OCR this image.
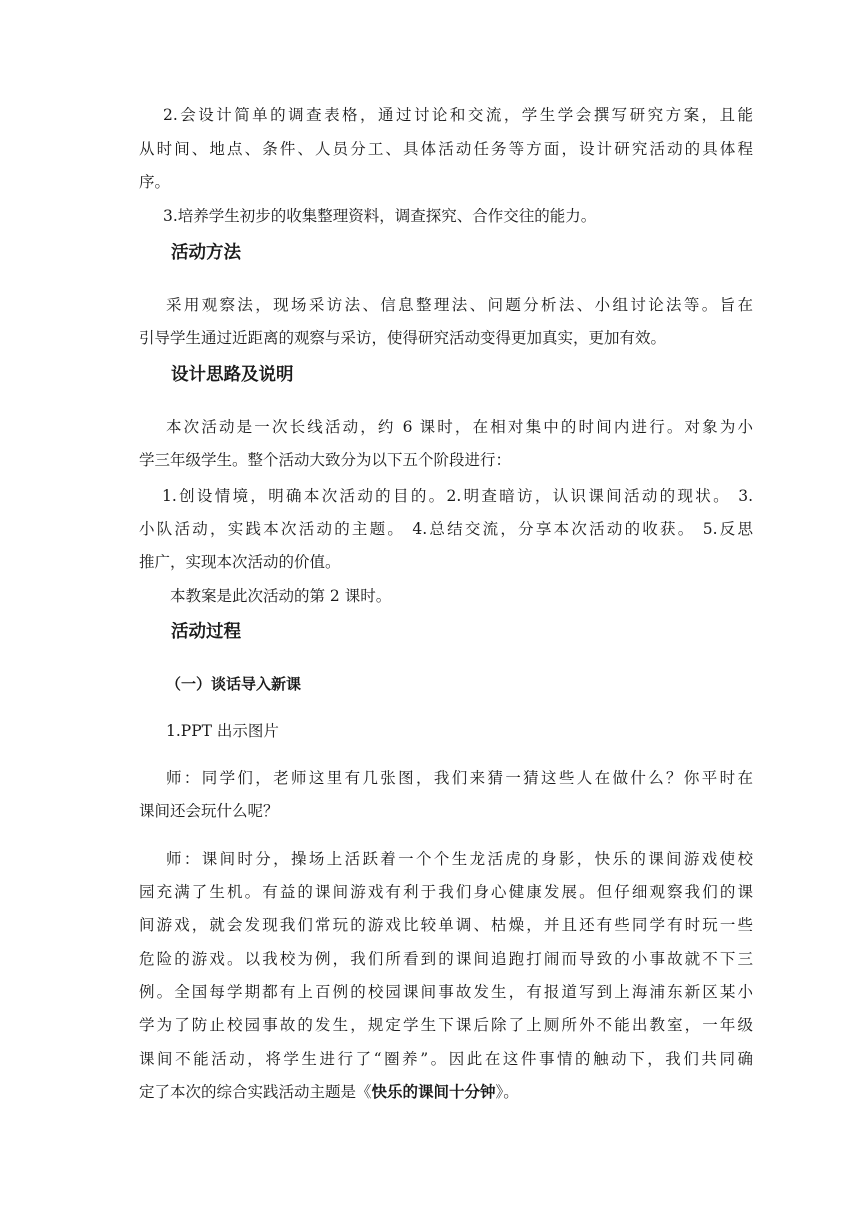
2.会设计简单的调查表格，通过讨论和交流，学生学会撰写研究方案，且能

从时间、地点、条件、人员分工、具体活动任务等方面，设计研究活动的具体程

序。

3.培养学生初步的收集整理资料，调查探究、合作交往的能力。

活动方法

采用观察法，现场采访法、信息整理法、问题分析法、小组讨论法等。旨在

引导学生通过近距离的观察与采访，使得研究活动变得更加真实，更加有效。

设计思路及说明

本次活动是一次长线活动，约 6 课时，在相对集中的时间内进行。对象为小

学三年级学生。整个活动大致分为以下五个阶段进行：

1.创设情境，明确本次活动的目的。2.明查暗访，认识课间活动的现状。 3.

小队活动，实践本次活动的主题。 4.总结交流，分享本次活动的收获。 5.反思

推广，实现本次活动的价值。

本教案是此次活动的第 2 课时。

活动过程
（一）谈话导入新课

1.PPT 出示图片

师：同学们，老师这里有几张图，我们来猜一猜这些人在做什么？你平时在

课间还会玩什么呢？

师：课间时分，操场上活跃着一个个生龙活虎的身影，快乐的课间游戏使校

园充满了生机。有益的课间游戏有利于我们身心健康发展。但仔细观察我们的课

间游戏，就会发现我们常玩的游戏比较单调、枯燥，并且还有些同学有时玩一些

危险的游戏。以我校为例，我们所看到的课间追跑打闹而导致的小事故就不下三

例。全国每学期都有上百例的校园课间事故发生，有报道写到上海浦东新区某小

学为了防止校园事故的发生，规定学生下课后除了上厕所外不能出教室，一年级

课间不能活动，将学生进行了“圈养”。因此在这件事情的触动下，我们共同确

定了本次的综合实践活动主题是《快乐的课间十分钟》。
